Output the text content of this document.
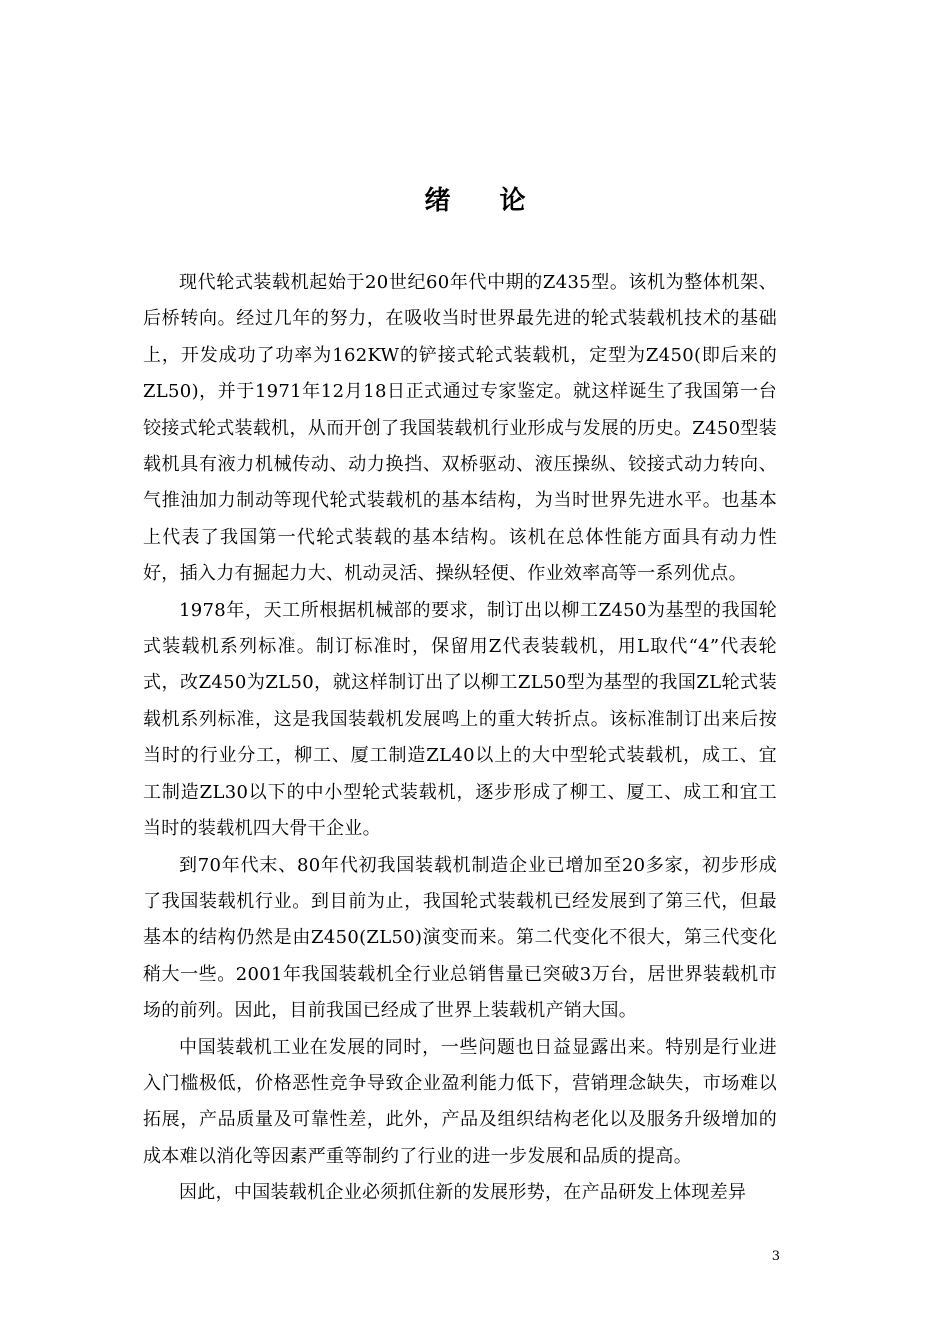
绪 论

现代轮式装载机起始于20世纪60年代中期的Z435型。该机为整体机架、后桥转向。经过几年的努力，在吸收当时世界最先进的轮式装载机技术的基础上，开发成功了功率为162KW的铲接式轮式装载机，定型为Z450(即后来的ZL50)，并于1971年12月18日正式通过专家鉴定。就这样诞生了我国第一台铰接式轮式装载机，从而开创了我国装载机行业形成与发展的历史。Z450型装载机具有液力机械传动、动力换挡、双桥驱动、液压操纵、铰接式动力转向、气推油加力制动等现代轮式装载机的基本结构，为当时世界先进水平。也基本上代表了我国第一代轮式装载的基本结构。该机在总体性能方面具有动力性好，插入力有掘起力大、机动灵活、操纵轻便、作业效率高等一系列优点。

1978年，天工所根据机械部的要求，制订出以柳工Z450为基型的我国轮式装载机系列标准。制订标准时，保留用Z代表装载机，用L取代“4”代表轮式，改Z450为ZL50，就这样制订出了以柳工ZL50型为基型的我国ZL轮式装载机系列标准，这是我国装载机发展鸣上的重大转折点。该标准制订出来后按当时的行业分工，柳工、厦工制造ZL40以上的大中型轮式装载机，成工、宜工制造ZL30以下的中小型轮式装载机，逐步形成了柳工、厦工、成工和宜工当时的装载机四大骨干企业。

到70年代末、80年代初我国装载机制造企业已增加至20多家，初步形成了我国装载机行业。到目前为止，我国轮式装载机已经发展到了第三代，但最基本的结构仍然是由Z450(ZL50)演变而来。第二代变化不很大，第三代变化稍大一些。2001年我国装载机全行业总销售量已突破3万台，居世界装载机市场的前列。因此，目前我国已经成了世界上装载机产销大国。

中国装载机工业在发展的同时，一些问题也日益显露出来。特别是行业进入门槛极低，价格恶性竞争导致企业盈利能力低下，营销理念缺失，市场难以拓展，产品质量及可靠性差，此外，产品及组织结构老化以及服务升级增加的成本难以消化等因素严重等制约了行业的进一步发展和品质的提高。

因此，中国装载机企业必须抓住新的发展形势，在产品研发上体现差异

3
